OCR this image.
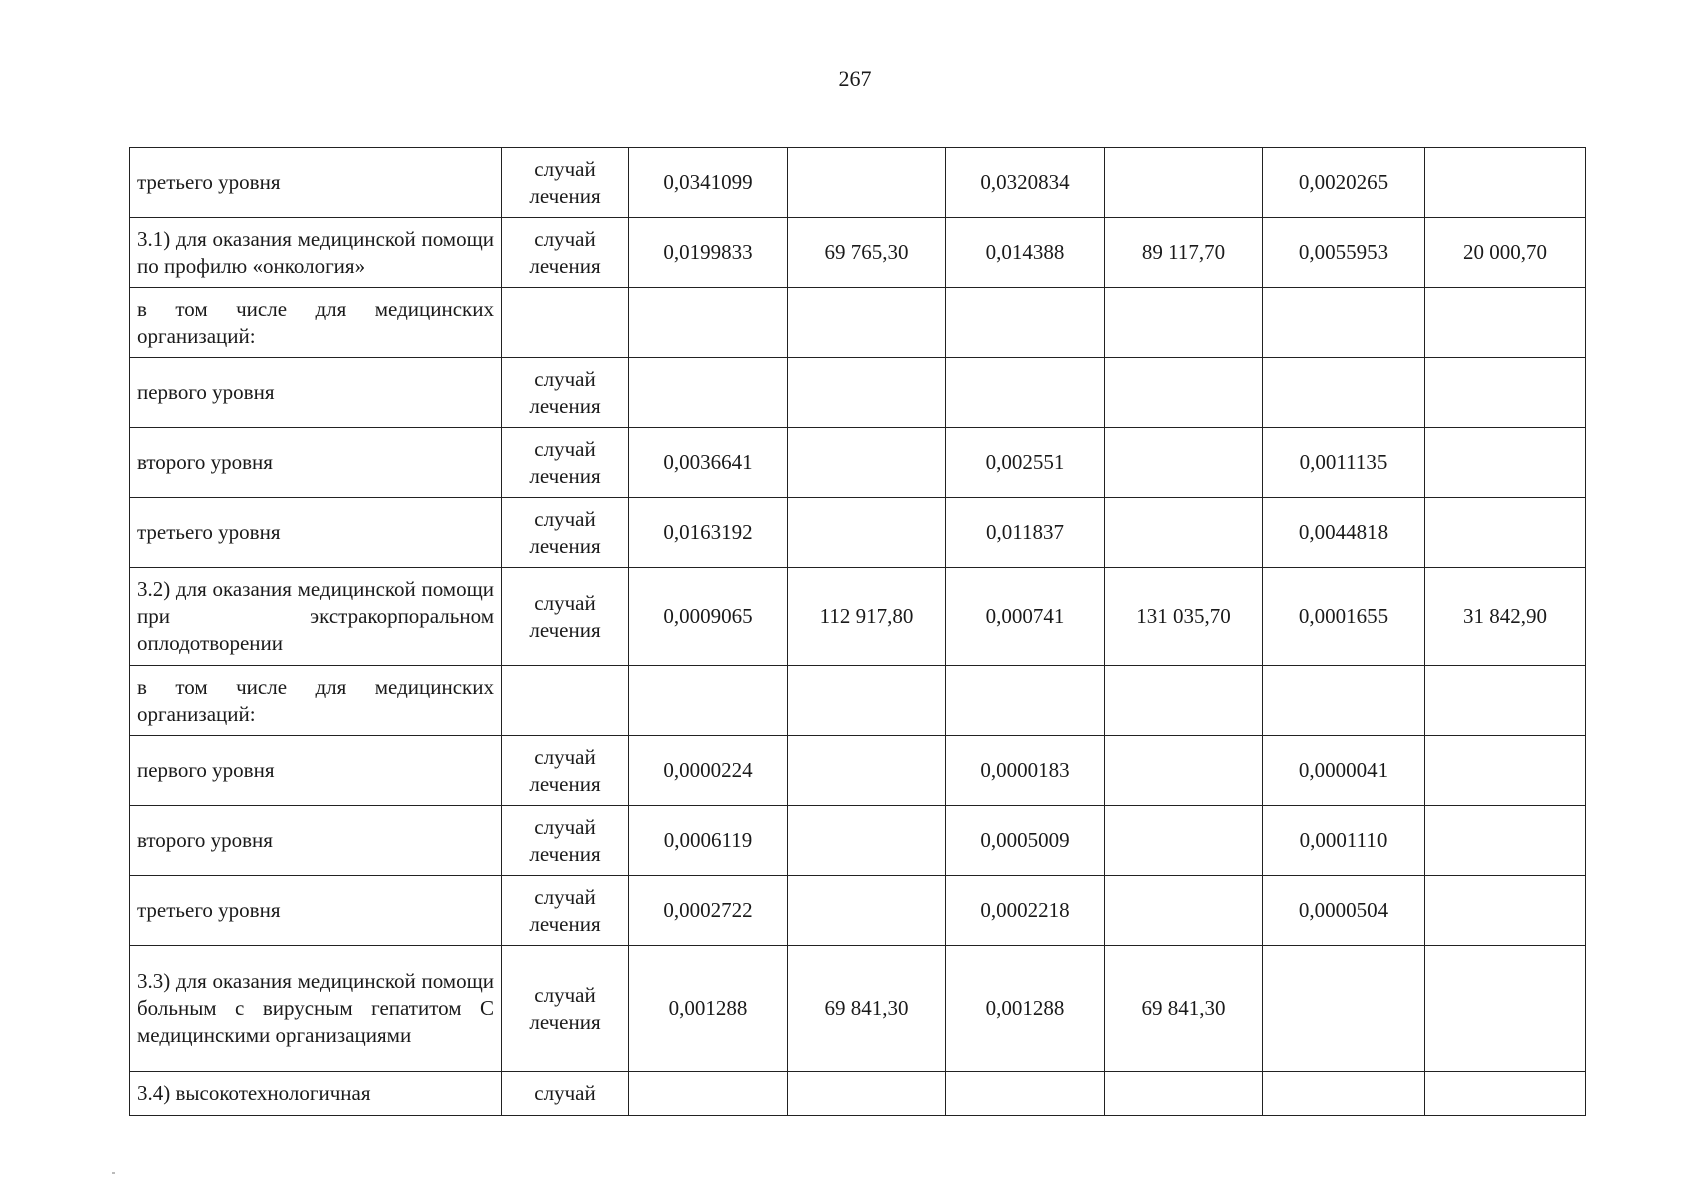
267
третьего уровня	случай лечения	0,0341099		0,0320834		0,0020265	
3.1) для оказания медицинской помощи по профилю «онкология»	случай лечения	0,0199833	69 765,30	0,014388	89 117,70	0,0055953	20 000,70
в том числе для медицинских организаций:							
первого уровня	случай лечения						
второго уровня	случай лечения	0,0036641		0,002551		0,0011135	
третьего уровня	случай лечения	0,0163192		0,011837		0,0044818	
3.2) для оказания медицинской помощи при экстракорпоральном оплодотворении	случай лечения	0,0009065	112 917,80	0,000741	131 035,70	0,0001655	31 842,90
в том числе для медицинских организаций:							
первого уровня	случай лечения	0,0000224		0,0000183		0,0000041	
второго уровня	случай лечения	0,0006119		0,0005009		0,0001110	
третьего уровня	случай лечения	0,0002722		0,0002218		0,0000504	
3.3) для оказания медицинской помощи больным с вирусным гепатитом С медицинскими организациями	случай лечения	0,001288	69 841,30	0,001288	69 841,30		
3.4) высокотехнологичная	случай						
